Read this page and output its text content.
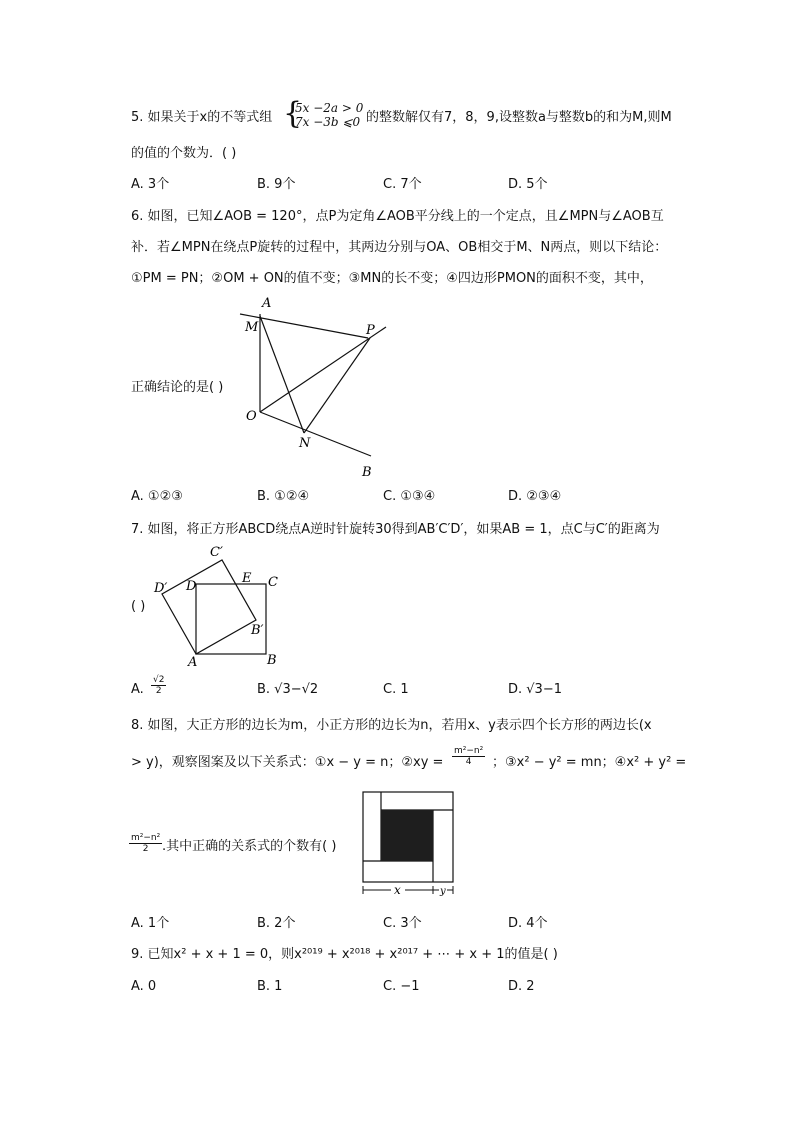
5. 如果关于x的不等式组 {
5x −2a > 0
7x −3b ⩽0 的整数解仅有7，8，9,设整数a与整数b的和为M,则M
的值的个数为．( )
A. 3个	B. 9个	C. 7个	D. 5个
6. 如图，已知∠AOB = 120°，点P为定角∠AOB平分线上的一个定点，且∠MPN与∠AOB互
补．若∠MPN在绕点P旋转的过程中，其两边分别与OA、OB相交于M、N两点，则以下结论：
①PM = PN；②OM + ON的值不变；③MN的长不变；④四边形PMON的面积不变，其中，
正确结论的是( )
A
M	P
O
N
B
A. ①②③	B. ①②④	C. ①③④	D. ②③④
7. 如图，将正方形ABCD绕点A逆时针旋转30得到AB′C′D′，如果AB = 1，点C与C′的距离为
( )
C′
D′ D
E C
B′
A	B
A. $\frac{√2}{2}$	B. √3−√2	C. 1	D. √3−1
8. 如图，大正方形的边长为m，小正方形的边长为n，若用x、y表示四个长方形的两边长(x
> y)，观察图案及以下关系式：①x − y = n；②xy = $\frac{\text{m²−n²}}{4}$ ；③x² − y² = mn；④x² + y² =
$\frac{\text{m²−n²}}{2}$ .其中正确的关系式的个数有( )
x	y
A. 1个	B. 2个	C. 3个	D. 4个
9. 已知x² + x + 1 = 0，则x²⁰¹⁹ + x²⁰¹⁸ + x²⁰¹⁷ + ⋯ + x + 1的值是( )
A. 0	B. 1	C. −1	D. 2
